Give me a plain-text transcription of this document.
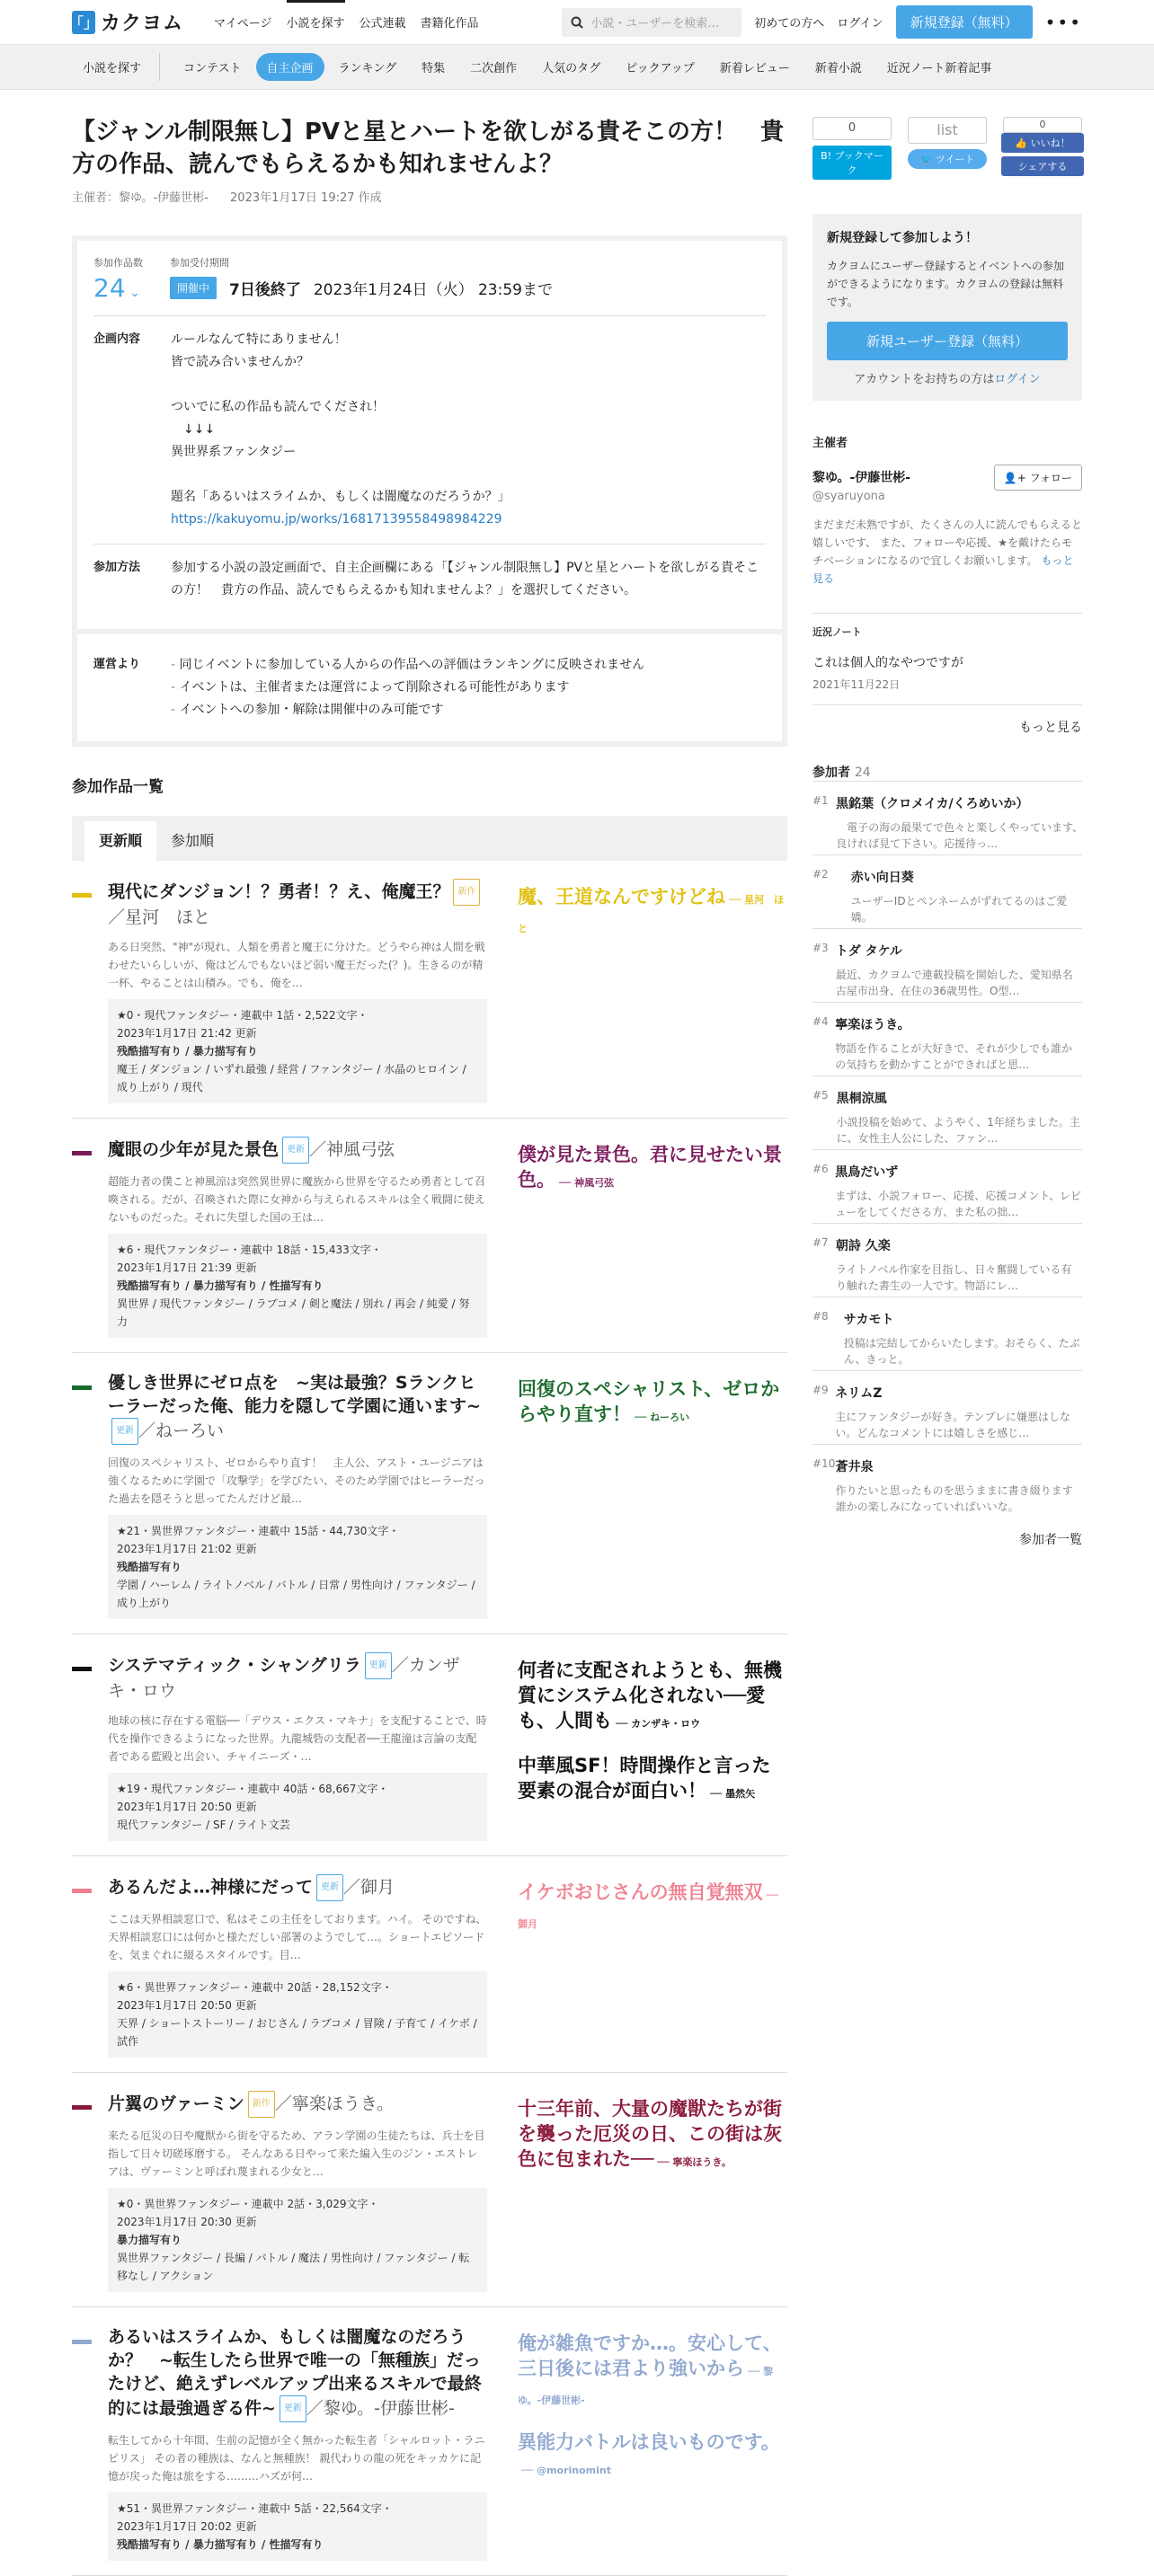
「」 カクヨム	マイページ	小説を探す	公式連載	書籍化作品	小説・ユーザーを検索…	初めての方へ ログイン	新規登録（無料）	•••
小説を探す	コンテスト	自主企画	ランキング	特集	二次創作	人気のタグ	ピックアップ	新着レビュー	新着小説	近況ノート新着記事
【ジャンル制限無し】PVと星とハートを欲しがる貴そこの方！　貴方の作品、読んでもらえるかも知れませんよ？
主催者：黎ゆ。-伊藤世彬- 2023年1月17日 19:27 作成
参加作品数
24 ⌄
参加受付期間
開催中	7日後終了 2023年1月24日（火） 23:59まで
企画内容	ルールなんて特にありません！
皆で読み合いませんか？
ついでに私の作品も読んでくだされ！
　↓↓↓
異世界系ファンタジー
題名「あるいはスライムか、もしくは闇魔なのだろうか？」
https://kakuyomu.jp/works/16817139558498984229
参加方法	参加する小説の設定画面で、自主企画欄にある「【ジャンル制限無し】PVと星とハートを欲しがる貴そこの方！　貴方の作品、読んでもらえるかも知れませんよ？」を選択してください。
運営より
-	同じイベントに参加している人からの作品への評価はランキングに反映されません
- イベントは、主催者または運営によって削除される可能性があります
- イベントへの参加・解除は開催中のみ可能です
参加作品一覧
更新順	参加順
現代にダンジョン！？勇者！？え、俺魔王？ 新作／星河　ほと
ある日突然、"神"が現れ、人類を勇者と魔王に分けた。どうやら神は人間を戦わせたいらしいが、俺はどんでもないほど弱い魔王だった(？)。生きるのが精一杯、やることは山積み。でも、俺を…
★0・現代ファンタジー・連載中 1話・2,522文字・
2023年1月17日 21:42 更新
残酷描写有り / 暴力描写有り
魔王 / ダンジョン / いずれ最強 / 経営 / ファンタジー / 水晶のヒロイン / 成り上がり / 現代
魔、王道なんですけどね ── 星河　ほと
魔眼の少年が見た景色 更新 ／神風弓弦
超能力者の僕こと神風涼は突然異世界に魔族から世界を守るため勇者として召喚される。だが、召喚された際に女神から与えられるスキルは全く戦闘に使えないものだった。それに失望した国の王は…
★6・現代ファンタジー・連載中 18話・15,433文字・
2023年1月17日 21:39 更新
残酷描写有り / 暴力描写有り / 性描写有り
異世界 / 現代ファンタジー / ラブコメ / 剣と魔法 / 別れ / 再会 / 純愛 / 努力
僕が見た景色。君に見せたい景色。 ── 神風弓弦
優しき世界にゼロ点を　~実は最強？Sランクヒーラーだった俺、能力を隠して学園に通います~更新 ／ねーろい
回復のスペシャリスト、ゼロからやり直す！　主人公、アスト・ユージニアは強くなるために学園で「攻撃学」を学びたい、そのため学園ではヒーラーだった過去を隠そうと思ってたんだけど最…
★21・異世界ファンタジー・連載中 15話・44,730文字・
2023年1月17日 21:02 更新
残酷描写有り
学園 / ハーレム / ライトノベル / バトル / 日常 / 男性向け / ファンタジー / 成り上がり
回復のスペシャリスト、ゼロからやり直す！ ── ねーろい
システマティック・シャングリラ 更新 ／カンザキ・ロウ
地球の核に存在する電脳──「デウス・エクス・マキナ」を支配することで、時代を操作できるようになった世界。九龍城砦の支配者──王龍潼は言論の支配者である藍殿と出会い、チャイニーズ・…
★19・現代ファンタジー・連載中 40話・68,667文字・
2023年1月17日 20:50 更新
現代ファンタジー / SF / ライト文芸
何者に支配されようとも、無機質にシステム化されない──愛も、人間も ── カンザキ・ロウ
中華風SF！時間操作と言った要素の混合が面白い！ ── 墨然矢
あるんだよ…神様にだって 更新 ／御月
ここは天界相談窓口で、私はそこの主任をしております。ハイ。 そのですね、天界相談窓口には何かと様ただしい部署のようでして…。ショートエピソードを、気まぐれに綴るスタイルです。目…
★6・異世界ファンタジー・連載中 20話・28,152文字・
2023年1月17日 20:50 更新
天界 / ショートストーリー / おじさん / ラブコメ / 冒険 / 子育て / イケボ / 試作
イケボおじさんの無自覚無双 ── 御月
片翼のヴァーミン 新作 ／寧楽ほうき。
来たる厄災の日や魔獣から街を守るため、アラン学園の生徒たちは、兵士を目指して日々切磋琢磨する。 そんなある日やって来た編入生のジン・エストレアは、ヴァーミンと呼ばれ蔑まれる少女と…
★0・異世界ファンタジー・連載中 2話・3,029文字・
2023年1月17日 20:30 更新
暴力描写有り
異世界ファンタジー / 長編 / バトル / 魔法 / 男性向け / ファンタジー / 転移なし / アクション
十三年前、大量の魔獣たちが街を襲った厄災の日、この街は灰色に包まれた── ── 寧楽ほうき。
あるいはスライムか、もしくは闇魔なのだろうか？　~転生したら世界で唯一の「無種族」だったけど、絶えずレベルアップ出来るスキルで最終的には最強過ぎる件~ 更新 ／黎ゆ。-伊藤世彬-
転生してから十年間、生前の記憶が全く無かった転生者「シャルロット・ラニピリス」 その者の種族は、なんと無種族！ 親代わりの龍の死をキッカケに記憶が戻った俺は旅をする………ハズが何…
★51・異世界ファンタジー・連載中 5話・22,564文字・
2023年1月17日 20:02 更新
残酷描写有り / 暴力描写有り / 性描写有り
俺が雑魚ですか…。安心して、三日後には君より強いから ── 黎ゆ。-伊藤世彬-
異能力バトルは良いものです。── @morinomint
0
B! ブックマーク
list
🐦 ツイート
0
👍 いいね！
シェアする
新規登録して参加しよう！

カクヨムにユーザー登録するとイベントへの参加ができるようになります。カクヨムの登録は無料です。

新規ユーザー登録（無料）
アカウントをお持ちの方はログイン
主催者
黎ゆ。-伊藤世彬-
@syaruyona
👤+ フォロー
まだまだ未熟ですが、たくさんの人に読んでもらえると嬉しいです、 また、フォローや応援、★を戴けたらモチベーションになるので宜しくお願いします。 もっと見る
近況ノート
これは個人的なやつですが
2021年11月22日
もっと見る
参加者 24
#1 黒銘葉（クロメイカ/くろめいか）
　電子の海の最果てで色々と楽しくやっています、　良ければ見て下さい。応援待っ…
#2	赤い向日葵
ユーザーIDとペンネームがずれてるのはご愛嬌。
#3 トダ タケル
最近、カクヨムで連載投稿を開始した、愛知県名古屋市出身、在住の36歳男性。O型…
#4 寧楽ほうき。
物語を作ることが大好きで、それが少しでも誰かの気持ちを動かすことができればと思…
#5 黒桐涼風
小説投稿を始めて、ようやく、1年経ちました。主に、女性主人公にした、ファン…
#6 黒鳥だいず
まずは、小説フォロー、応援、応援コメント、レビューをしてくださる方、また私の拙…
#7 朝詩 久楽
ライトノベル作家を目指し、日々奮闘している有り触れた書生の一人です。物語にレ…
#8	サカモト
投稿は完結してからいたします。おそらく、たぶん、きっと。
#9 ネリムZ
主にファンタジーが好き。テンプレに嫌悪はしない。どんなコメントには嬉しさを感じ…
#10 蒼井泉
作りたいと思ったものを思うままに書き綴ります 誰かの楽しみになっていればいいな。
参加者一覧
